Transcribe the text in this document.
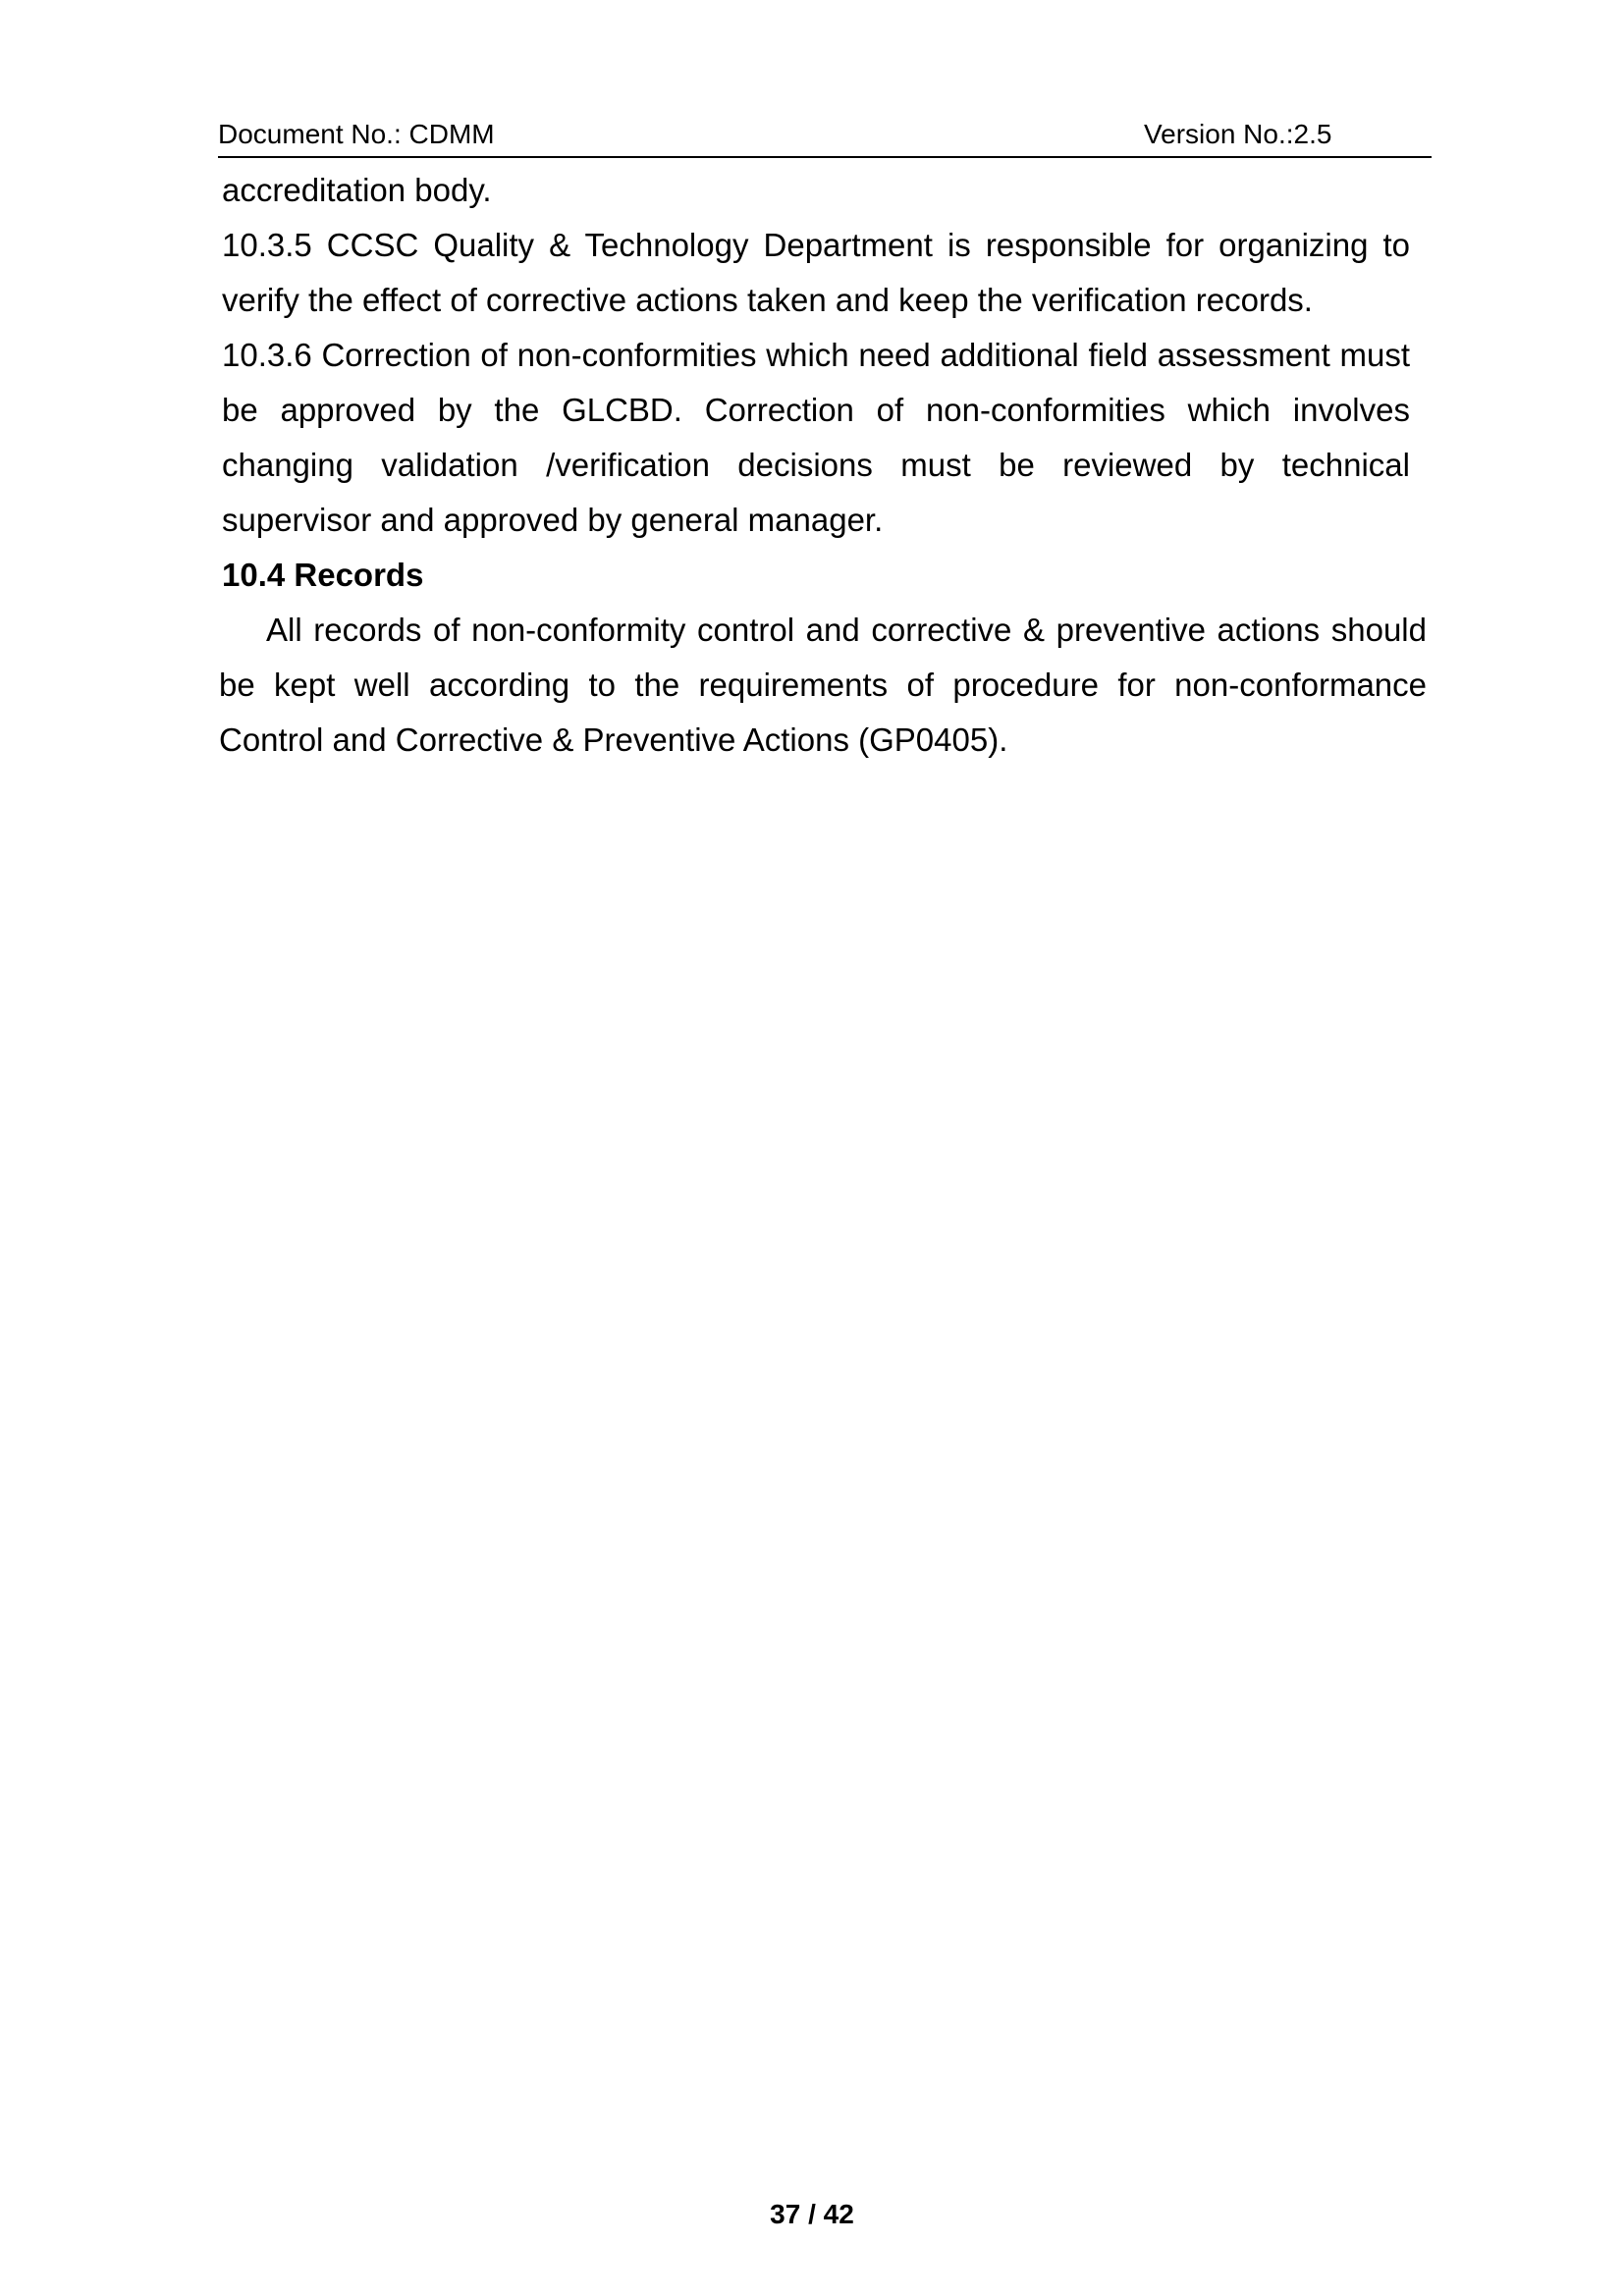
Document No.: CDMM	Version No.:2.5

accreditation body.

10.3.5 CCSC Quality & Technology Department is responsible for organizing to verify the effect of corrective actions taken and keep the verification records.

10.3.6 Correction of non-conformities which need additional field assessment must be approved by the GLCBD. Correction of non-conformities which involves changing validation /verification decisions must be reviewed by technical supervisor and approved by general manager.

10.4 Records

All records of non-conformity control and corrective & preventive actions should be kept well according to the requirements of procedure for non-conformance Control and Corrective & Preventive Actions (GP0405).

37 / 42
